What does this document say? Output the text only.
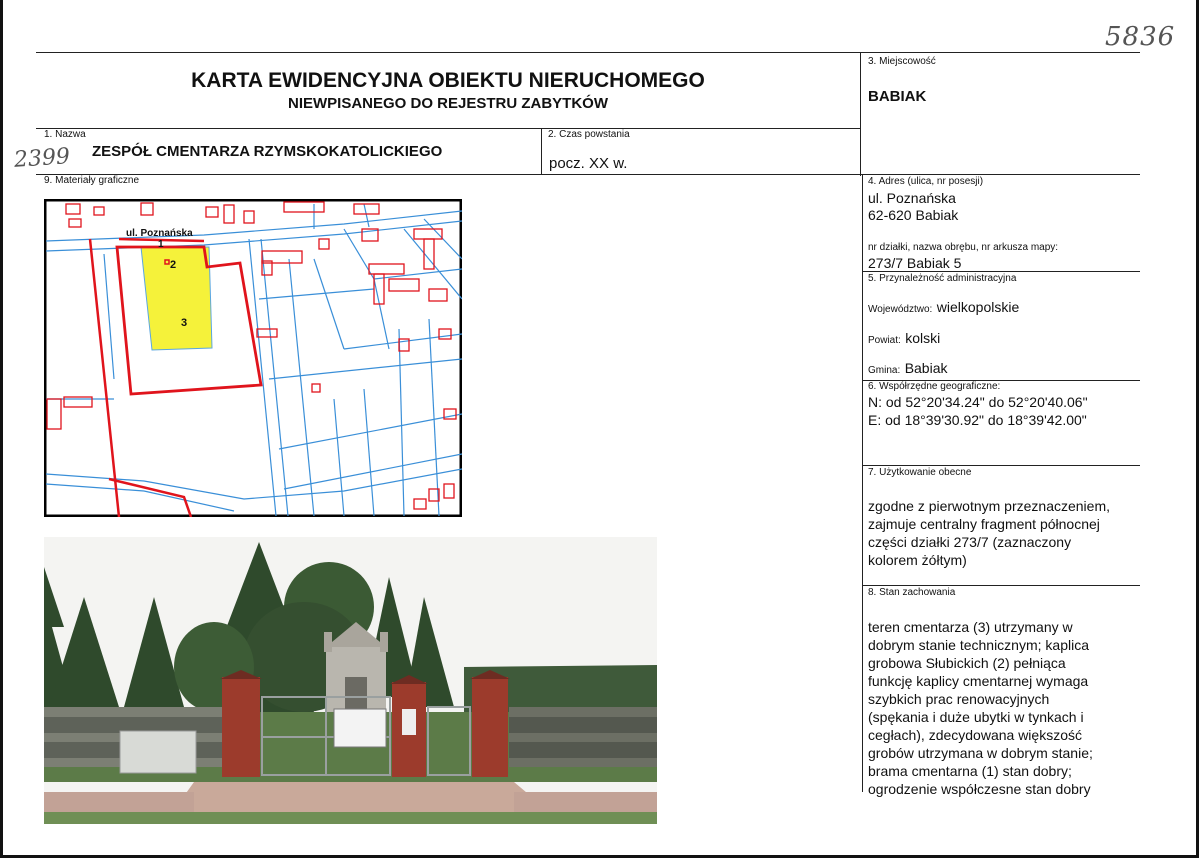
5836
2399
KARTA EWIDENCYJNA OBIEKTU NIERUCHOMEGO
NIEWPISANEGO DO REJESTRU ZABYTKÓW
3. Miejscowość
BABIAK
1. Nazwa
ZESPÓŁ CMENTARZA RZYMSKOKATOLICKIEGO
2. Czas powstania
pocz. XX w.
9. Materiały graficzne	4. Adres (ulica, nr posesji)
ul. Poznańska
62-620 Babiak
nr działki, nazwa obrębu, nr arkusza mapy:
273/7 Babiak 5
5. Przynależność administracyjna
Województwo: wielkopolskie
Powiat: kolski
Gmina: Babiak
6. Współrzędne geograficzne:
N: od 52°20'34.24" do 52°20'40.06"
E: od 18°39'30.92" do 18°39'42.00"
7. Użytkowanie obecne
zgodne z pierwotnym przeznaczeniem,
zajmuje centralny fragment północnej
części działki 273/7 (zaznaczony
kolorem żółtym)
8. Stan zachowania
teren cmentarza (3) utrzymany w
dobrym stanie technicznym; kaplica
grobowa Słubickich (2) pełniąca
funkcję kaplicy cmentarnej wymaga
szybkich prac renowacyjnych
(spękania i duże ubytki w tynkach i
cegłach), zdecydowana większość
grobów utrzymana w dobrym stanie;
brama cmentarna (1) stan dobry;
ogrodzenie współczesne stan dobry
ul. Poznańska
1
2
3
